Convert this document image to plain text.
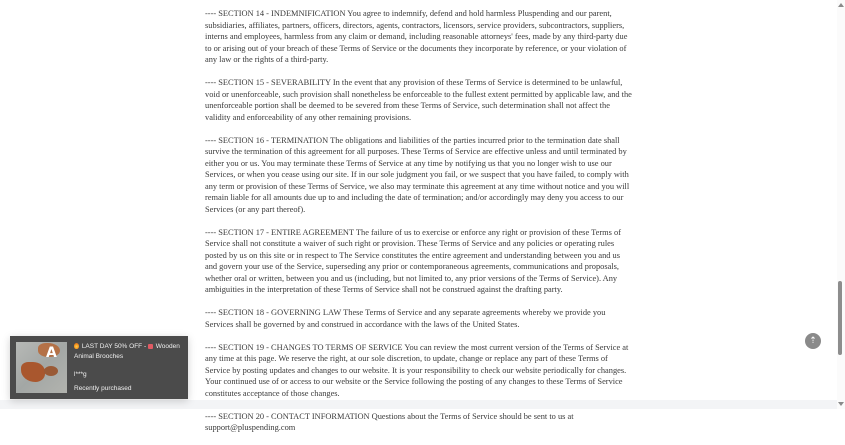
---- SECTION 14 - INDEMNIFICATION You agree to indemnify, defend and hold harmless Pluspending and our parent, subsidiaries, affiliates, partners, officers, directors, agents, contractors, licensors, service providers, subcontractors, suppliers, interns and employees, harmless from any claim or demand, including reasonable attorneys' fees, made by any third-party due to or arising out of your breach of these Terms of Service or the documents they incorporate by reference, or your violation of any law or the rights of a third-party.

---- SECTION 15 - SEVERABILITY In the event that any provision of these Terms of Service is determined to be unlawful, void or unenforceable, such provision shall nonetheless be enforceable to the fullest extent permitted by applicable law, and the unenforceable portion shall be deemed to be severed from these Terms of Service, such determination shall not affect the validity and enforceability of any other remaining provisions.

---- SECTION 16 - TERMINATION The obligations and liabilities of the parties incurred prior to the termination date shall survive the termination of this agreement for all purposes. These Terms of Service are effective unless and until terminated by either you or us. You may terminate these Terms of Service at any time by notifying us that you no longer wish to use our Services, or when you cease using our site. If in our sole judgment you fail, or we suspect that you have failed, to comply with any term or provision of these Terms of Service, we also may terminate this agreement at any time without notice and you will remain liable for all amounts due up to and including the date of termination; and/or accordingly may deny you access to our Services (or any part thereof).

---- SECTION 17 - ENTIRE AGREEMENT The failure of us to exercise or enforce any right or provision of these Terms of Service shall not constitute a waiver of such right or provision. These Terms of Service and any policies or operating rules posted by us on this site or in respect to The Service constitutes the entire agreement and understanding between you and us and govern your use of the Service, superseding any prior or contemporaneous agreements, communications and proposals, whether oral or written, between you and us (including, but not limited to, any prior versions of the Terms of Service). Any ambiguities in the interpretation of these Terms of Service shall not be construed against the drafting party.

---- SECTION 18 - GOVERNING LAW These Terms of Service and any separate agreements whereby we provide you Services shall be governed by and construed in accordance with the laws of the United States.

---- SECTION 19 - CHANGES TO TERMS OF SERVICE You can review the most current version of the Terms of Service at any time at this page. We reserve the right, at our sole discretion, to update, change or replace any part of these Terms of Service by posting updates and changes to our website. It is your responsibility to check our website periodically for changes. Your continued use of or access to our website or the Service following the posting of any changes to these Terms of Service constitutes acceptance of those changes.

---- SECTION 20 - CONTACT INFORMATION Questions about the Terms of Service should be sent to us at support@pluspending.com

⇡
A	LAST DAY 50% OFF - Wooden Animal Brooches
l***g
Recently purchased
